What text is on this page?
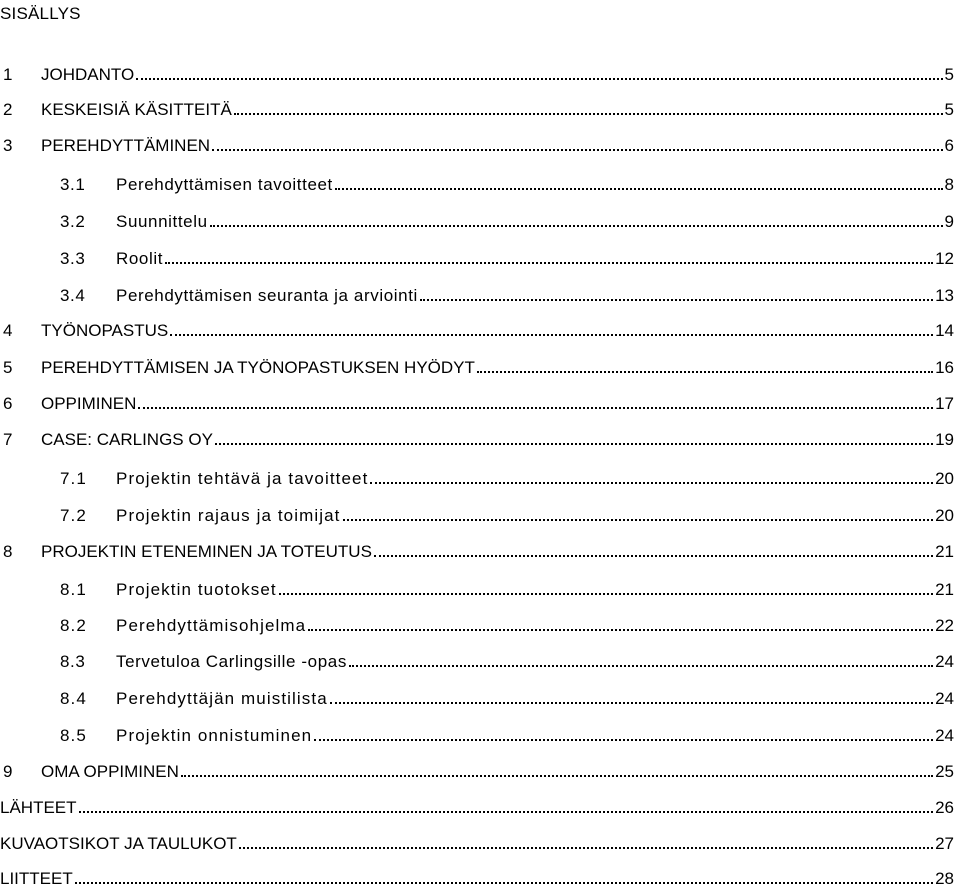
SISÄLLYS
1	JOHDANTO	5
2	KESKEISIÄ KÄSITTEITÄ	5
3	PEREHDYTTÄMINEN	6
3.1	Perehdyttämisen tavoitteet	8
3.2	Suunnittelu	9
3.3	Roolit	12
3.4	Perehdyttämisen seuranta ja arviointi	13
4	TYÖNOPASTUS	14
5	PEREHDYTTÄMISEN JA TYÖNOPASTUKSEN HYÖDYT	16
6	OPPIMINEN	17
7	CASE: CARLINGS OY	19
7.1	Projektin tehtävä ja tavoitteet	20
7.2	Projektin rajaus ja toimijat	20
8	PROJEKTIN ETENEMINEN JA TOTEUTUS	21
8.1	Projektin tuotokset	21
8.2	Perehdyttämisohjelma	22
8.3	Tervetuloa Carlingsille -opas	24
8.4	Perehdyttäjän muistilista	24
8.5	Projektin onnistuminen	24
9	OMA OPPIMINEN	25
LÄHTEET	26
KUVAOTSIKOT JA TAULUKOT	27
LIITTEET	28
